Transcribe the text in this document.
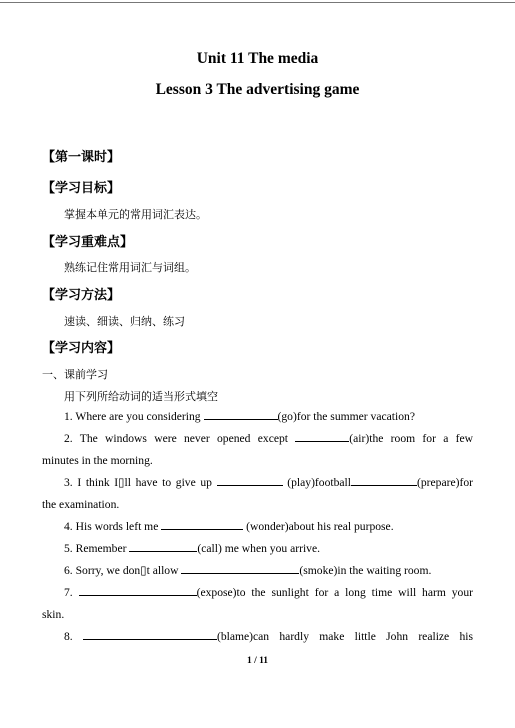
Unit 11 The media
Lesson 3 The advertising game
【第一课时】
【学习目标】
掌握本单元的常用词汇表达。
【学习重难点】
熟练记住常用词汇与词组。
【学习方法】
速读、细读、归纳、练习
【学习内容】
一、课前学习
用下列所给动词的适当形式填空
1. Where are you considering	(go)for the summer vacation?
2. The windows were never opened except	(air)the room for a few
minutes in the morning.
3. I think I▯ll have to give up	(play)football	(prepare)for
the examination.
4. His words left me	(wonder)about his real purpose.
5. Remember	(call) me when you arrive.
6. Sorry, we don▯t allow	(smoke)in the waiting room.
7.	(expose)to the sunlight for a long time will harm your
skin.
8.	(blame)can hardly make little John realize his
1 / 11
